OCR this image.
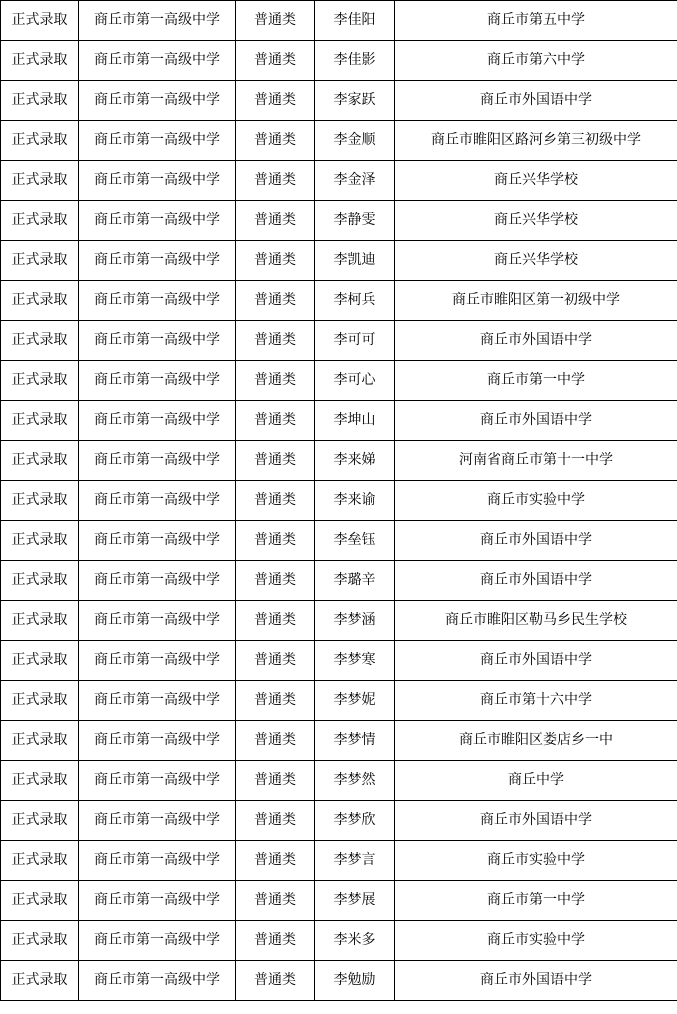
正式录取	商丘市第一高级中学	普通类	李佳阳	商丘市第五中学
正式录取	商丘市第一高级中学	普通类	李佳影	商丘市第六中学
正式录取	商丘市第一高级中学	普通类	李家跃	商丘市外国语中学
正式录取	商丘市第一高级中学	普通类	李金顺	商丘市睢阳区路河乡第三初级中学
正式录取	商丘市第一高级中学	普通类	李金泽	商丘兴华学校
正式录取	商丘市第一高级中学	普通类	李静雯	商丘兴华学校
正式录取	商丘市第一高级中学	普通类	李凯迪	商丘兴华学校
正式录取	商丘市第一高级中学	普通类	李柯兵	商丘市睢阳区第一初级中学
正式录取	商丘市第一高级中学	普通类	李可可	商丘市外国语中学
正式录取	商丘市第一高级中学	普通类	李可心	商丘市第一中学
正式录取	商丘市第一高级中学	普通类	李坤山	商丘市外国语中学
正式录取	商丘市第一高级中学	普通类	李来娣	河南省商丘市第十一中学
正式录取	商丘市第一高级中学	普通类	李来谕	商丘市实验中学
正式录取	商丘市第一高级中学	普通类	李垒钰	商丘市外国语中学
正式录取	商丘市第一高级中学	普通类	李璐辛	商丘市外国语中学
正式录取	商丘市第一高级中学	普通类	李梦涵	商丘市睢阳区勒马乡民生学校
正式录取	商丘市第一高级中学	普通类	李梦寒	商丘市外国语中学
正式录取	商丘市第一高级中学	普通类	李梦妮	商丘市第十六中学
正式录取	商丘市第一高级中学	普通类	李梦情	商丘市睢阳区娄店乡一中
正式录取	商丘市第一高级中学	普通类	李梦然	商丘中学
正式录取	商丘市第一高级中学	普通类	李梦欣	商丘市外国语中学
正式录取	商丘市第一高级中学	普通类	李梦言	商丘市实验中学
正式录取	商丘市第一高级中学	普通类	李梦展	商丘市第一中学
正式录取	商丘市第一高级中学	普通类	李米多	商丘市实验中学
正式录取	商丘市第一高级中学	普通类	李勉励	商丘市外国语中学
